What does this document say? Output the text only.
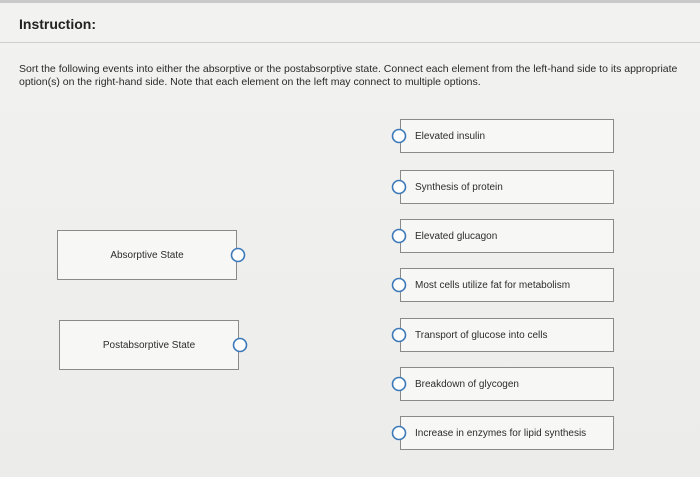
Instruction:
Sort the following events into either the absorptive or the postabsorptive state. Connect each element from the left-hand side to its appropriate option(s) on the right-hand side. Note that each element on the left may connect to multiple options.
Absorptive State
Postabsorptive State
Elevated insulin
Synthesis of protein
Elevated glucagon
Most cells utilize fat for metabolism
Transport of glucose into cells
Breakdown of glycogen
Increase in enzymes for lipid synthesis
